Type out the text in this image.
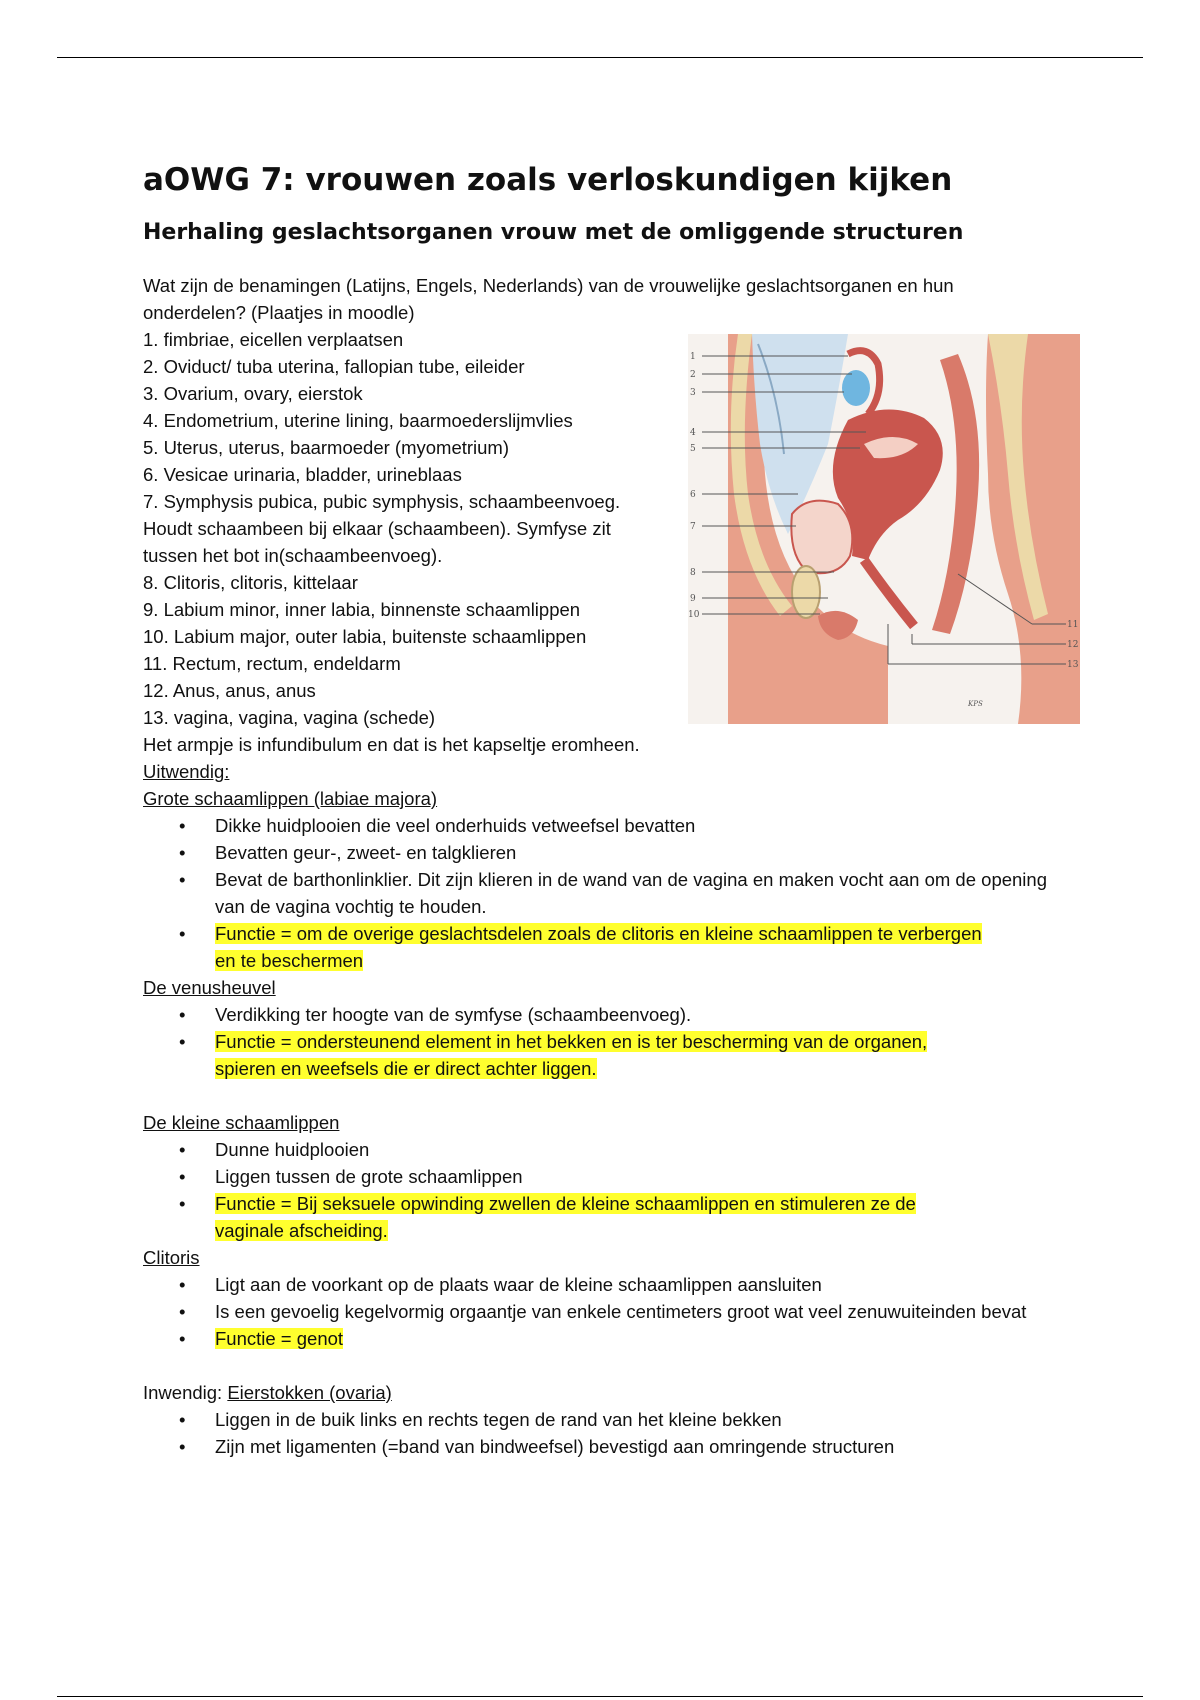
aOWG 7: vrouwen zoals verloskundigen kijken
Herhaling geslachtsorganen vrouw met de omliggende structuren

Wat zijn de benamingen (Latijns, Engels, Nederlands) van de vrouwelijke geslachtsorganen en hun

onderdelen? (Plaatjes in moodle)

1. fimbriae, eicellen verplaatsen
2. Oviduct/ tuba uterina, fallopian tube, eileider
3. Ovarium, ovary, eierstok
4. Endometrium, uterine lining, baarmoederslijmvlies
5. Uterus, uterus, baarmoeder (myometrium)
6. Vesicae urinaria, bladder, urineblaas
7. Symphysis pubica, pubic symphysis, schaambeenvoeg.
Houdt schaambeen bij elkaar (schaambeen). Symfyse zit
tussen het bot in(schaambeenvoeg).
8. Clitoris, clitoris, kittelaar
9. Labium minor, inner labia, binnenste schaamlippen
10. Labium major, outer labia, buitenste schaamlippen
11. Rectum, rectum, endeldarm
12. Anus, anus, anus
13. vagina, vagina, vagina (schede)

Het armpje is infundibulum en dat is het kapseltje eromheen.

Uitwendig:

Grote schaamlippen (labiae majora)

• Dikke huidplooien die veel onderhuids vetweefsel bevatten
• Bevatten geur-, zweet- en talgklieren
• Bevat de barthonlinklier. Dit zijn klieren in de wand van de vagina en maken vocht aan om de opening van de vagina vochtig te houden.
• Functie = om de overige geslachtsdelen zoals de clitoris en kleine schaamlippen te verbergen
en te beschermen

De venusheuvel

• Verdikking ter hoogte van de symfyse (schaambeenvoeg).
• Functie = ondersteunend element in het bekken en is ter bescherming van de organen,
spieren en weefsels die er direct achter liggen.

De kleine schaamlippen

• Dunne huidplooien
• Liggen tussen de grote schaamlippen
• Functie = Bij seksuele opwinding zwellen de kleine schaamlippen en stimuleren ze de
vaginale afscheiding.

Clitoris

• Ligt aan de voorkant op de plaats waar de kleine schaamlippen aansluiten
• Is een gevoelig kegelvormig orgaantje van enkele centimeters groot wat veel zenuwuiteinden bevat
• Functie = genot

Inwendig: Eierstokken (ovaria)

• Liggen in de buik links en rechts tegen de rand van het kleine bekken
• Zijn met ligamenten (=band van bindweefsel) bevestigd aan omringende structuren
1
2
3
4
5
6
7
8
9
10
11
12
13
KPS
